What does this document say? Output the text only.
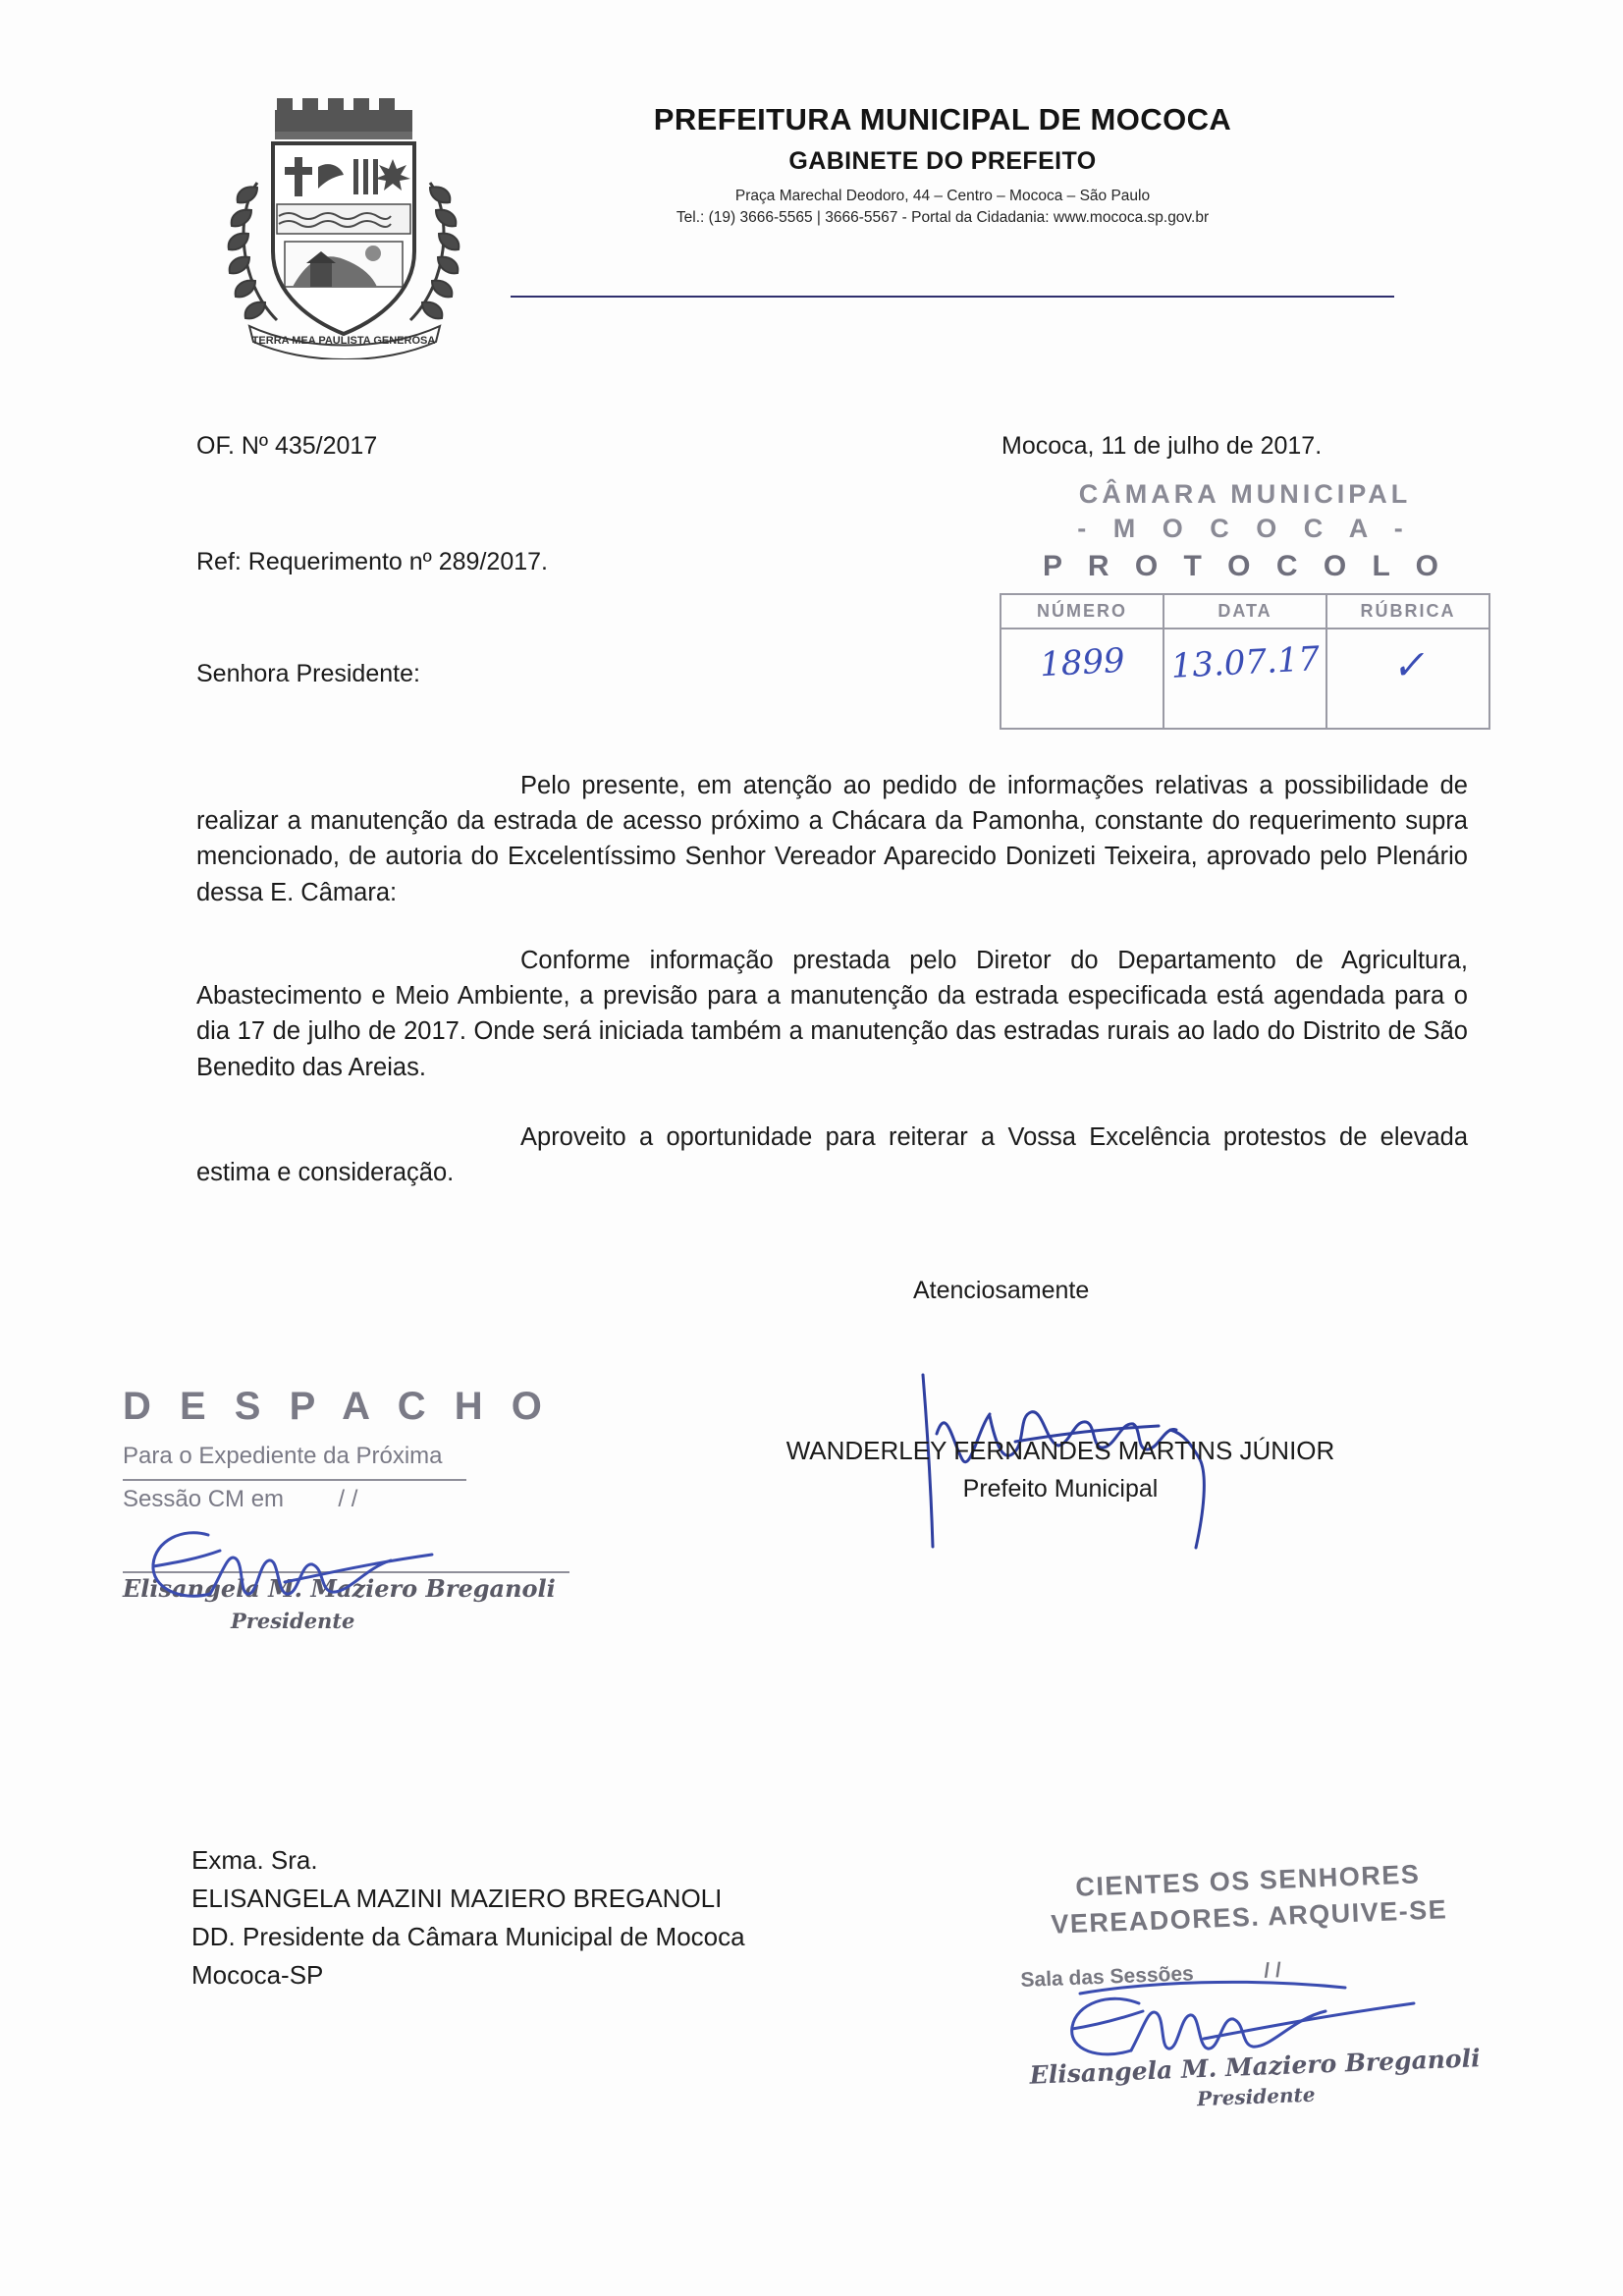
TERRA MEA PAULISTA GENEROSA
PREFEITURA MUNICIPAL DE MOCOCA
GABINETE DO PREFEITO
Praça Marechal Deodoro, 44 – Centro – Mococa – São Paulo
Tel.: (19) 3666-5565 | 3666-5567 - Portal da Cidadania: www.mococa.sp.gov.br
OF. Nº 435/2017	Mococa, 11 de julho de 2017.
CÂMARA MUNICIPAL
- M O C O C A -
P R O T O C O L O
NÚMERO
1899
DATA
13.07.17
RÚBRICA
✓
Ref: Requerimento nº 289/2017.
Senhora Presidente:
Pelo presente, em atenção ao pedido de informações relativas a possibilidade de realizar a manutenção da estrada de acesso próximo a Chácara da Pamonha, constante do requerimento supra mencionado, de autoria do Excelentíssimo Senhor Vereador Aparecido Donizeti Teixeira, aprovado pelo Plenário dessa E. Câmara:
Conforme informação prestada pelo Diretor do Departamento de Agricultura, Abastecimento e Meio Ambiente, a previsão para a manutenção da estrada especificada está agendada para o dia 17 de julho de 2017. Onde será iniciada também a manutenção das estradas rurais ao lado do Distrito de São Benedito das Areias.
Aproveito a oportunidade para reiterar a Vossa Excelência protestos de elevada estima e consideração.
Atenciosamente
WANDERLEY FERNANDES MARTINS JÚNIOR
Prefeito Municipal
D E S P A C H O
Para o Expediente da Próxima
Sessão CM em / /
Elisangela M. Maziero Breganoli
Presidente
Exma. Sra.
ELISANGELA MAZINI MAZIERO BREGANOLI
DD. Presidente da Câmara Municipal de Mococa
Mococa-SP
CIENTES OS SENHORES
VEREADORES. ARQUIVE-SE
Sala das Sessões	/ /
Elisangela M. Maziero Breganoli
Presidente
